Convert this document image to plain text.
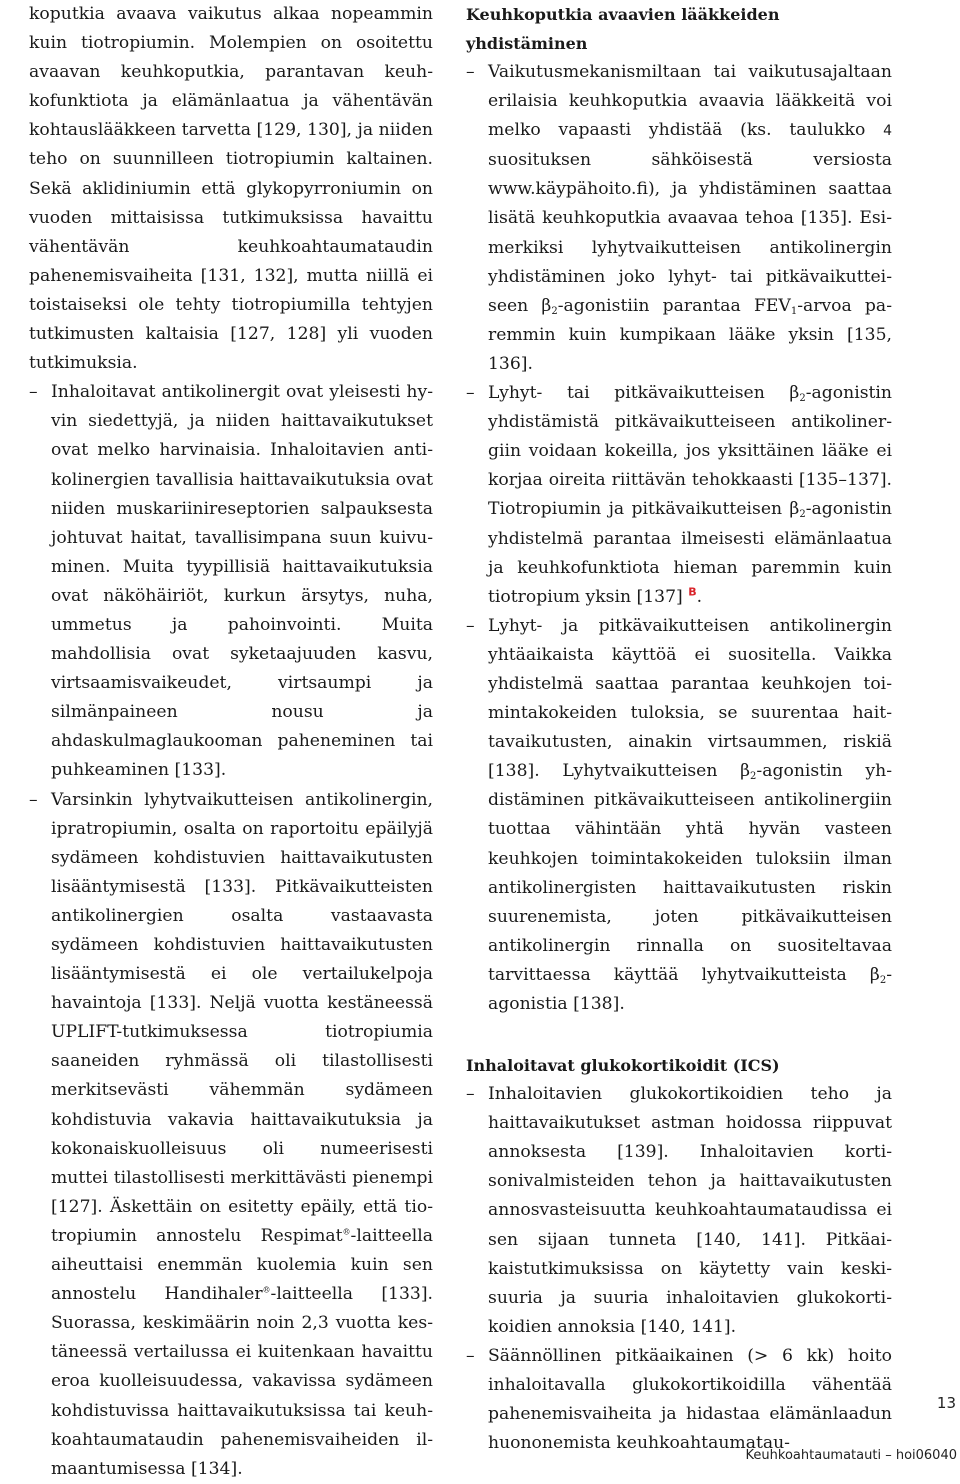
koputkia avaava vaikutus alkaa nopeammin kuin tiotropiumin. Molempien on osoitettu avaavan keuhkoputkia, parantavan keuhkofunktiota ja elämänlaatua ja vähentävän kohtauslääkkeen tarvetta [129, 130], ja niiden teho on suunnilleen tiotropiumin kaltainen. Sekä aklidiniumin että glykopyrroniumin on vuoden mittaisissa tutkimuksissa havaittu vähentävän keuhkoahtaumataudin pahenemisvaiheita [131, 132], mutta niillä ei toistaiseksi ole tehty tiotropiumilla tehtyjen tutkimusten kaltaisia [127, 128] yli vuoden tutkimuksia.

– Inhaloitavat antikolinergit ovat yleisesti hyvin siedettyjä, ja niiden haittavaikutukset ovat melko harvinaisia. Inhaloitavien antikolinergien tavallisia haittavaikutuksia ovat niiden muskariinireseptorien salpauksesta johtuvat haitat, tavallisimpana suun kuivuminen. Muita tyypillisiä haittavaikutuksia ovat näköhäiriöt, kurkun ärsytys, nuha, ummetus ja pahoinvointi. Muita mahdollisia ovat syketaajuuden kasvu, virtsaamisvaikeudet, virtsaumpi ja silmänpaineen nousu ja ahdaskulmaglaukooman paheneminen tai puhkeaminen [133].

– Varsinkin lyhytvaikutteisen antikolinergin, ipratropiumin, osalta on raportoitu epäilyjä sydämeen kohdistuvien haittavaikutusten lisääntymisestä [133]. Pitkävaikutteisten antikolinergien osalta vastaavasta sydämeen kohdistuvien haittavaikutusten lisääntymisestä ei ole vertailukelpoja havaintoja [133]. Neljä vuotta kestäneessä UPLIFT-tutkimuksessa tiotropiumia saaneiden ryhmässä oli tilastollisesti merkitsevästi vähemmän sydämeen kohdistuvia vakavia haittavaikutuksia ja kokonaiskuolleisuus oli numeerisesti muttei tilastollisesti merkittävästi pienempi [127]. Äskettäin on esitetty epäily, että tiotropiumin annostelu Respimat®-laitteella aiheuttaisi enemmän kuolemia kuin sen annostelu Handihaler®-laitteella [133]. Suorassa, keskimäärin noin 2,3 vuotta kestäneessä vertailussa ei kuitenkaan havaittu eroa kuolleisuudessa, vakavissa sydämeen kohdistuvissa haittavaikutuksissa tai keuhkoahtaumataudin pahenemisvaiheiden ilmaantumisessa [134].

Keuhkoputkia avaavien lääkkeiden yhdistäminen
– Vaikutusmekanismiltaan tai vaikutusajaltaan erilaisia keuhkoputkia avaavia lääkkeitä voi melko vapaasti yhdistää (ks. taulukko 4 suosituksen sähköisestä versiosta www.käypähoito.fi), ja yhdistäminen saattaa lisätä keuhkoputkia avaavaa tehoa [135]. Esimerkiksi lyhytvaikutteisen antikolinergin yhdistäminen joko lyhyt- tai pitkävaikutteiseen $\beta_2$-agonistiin parantaa $FEV_1$-arvoa paremmin kuin kumpikaan lääke yksin [135, 136].

– Lyhyt- tai pitkävaikutteisen $\beta_2$-agonistin yhdistämistä pitkävaikutteiseen antikolinergiin voidaan kokeilla, jos yksittäinen lääke ei korjaa oireita riittävän tehokkaasti [135–137]. Tiotropiumin ja pitkävaikutteisen $\beta_2$-agonistin yhdistelmä parantaa ilmeisesti elämänlaatua ja keuhkofunktiota hieman paremmin kuin tiotropium yksin [137] $^B$.

– Lyhyt- ja pitkävaikutteisen antikolinergin yhtäaikaista käyttöä ei suositella. Vaikka yhdistelmä saattaa parantaa keuhkojen toimintakokeiden tuloksia, se suurentaa haittavaikutusten, ainakin virtsaummen, riskiä [138]. Lyhytvaikutteisen $\beta_2$-agonistin yhdistäminen pitkävaikutteiseen antikolinergiin tuottaa vähintään yhtä hyvän vasteen keuhkojen toimintakokeiden tuloksiin ilman antikolinergisten haittavaikutusten riskin suurenemista, joten pitkävaikutteisen antikolinergin rinnalla on suositeltavaa tarvittaessa käyttää lyhytvaikutteista $\beta_2$-agonistia [138].

Inhaloitavat glukokortikoidit (ICS)
– Inhaloitavien glukokortikoidien teho ja haittavaikutukset astman hoidossa riippuvat annoksesta [139]. Inhaloitavien kortisonivalmisteiden tehon ja haittavaikutusten annosvasteisuutta keuhkoahtaumataudissa ei sen sijaan tunneta [140, 141]. Pitkäaikaistutkimuksissa on käytetty vain keskisuuria ja suuria inhaloitavien glukokortikoidien annoksia [140, 141].

– Säännöllinen pitkäaikainen (> 6 kk) hoito inhaloitavalla glukokortikoidilla vähentää pahenemisvaiheita ja hidastaa elämänlaadun huononemista keuhkoahtaumatau-

13
Keuhkoahtaumatauti – hoi06040
